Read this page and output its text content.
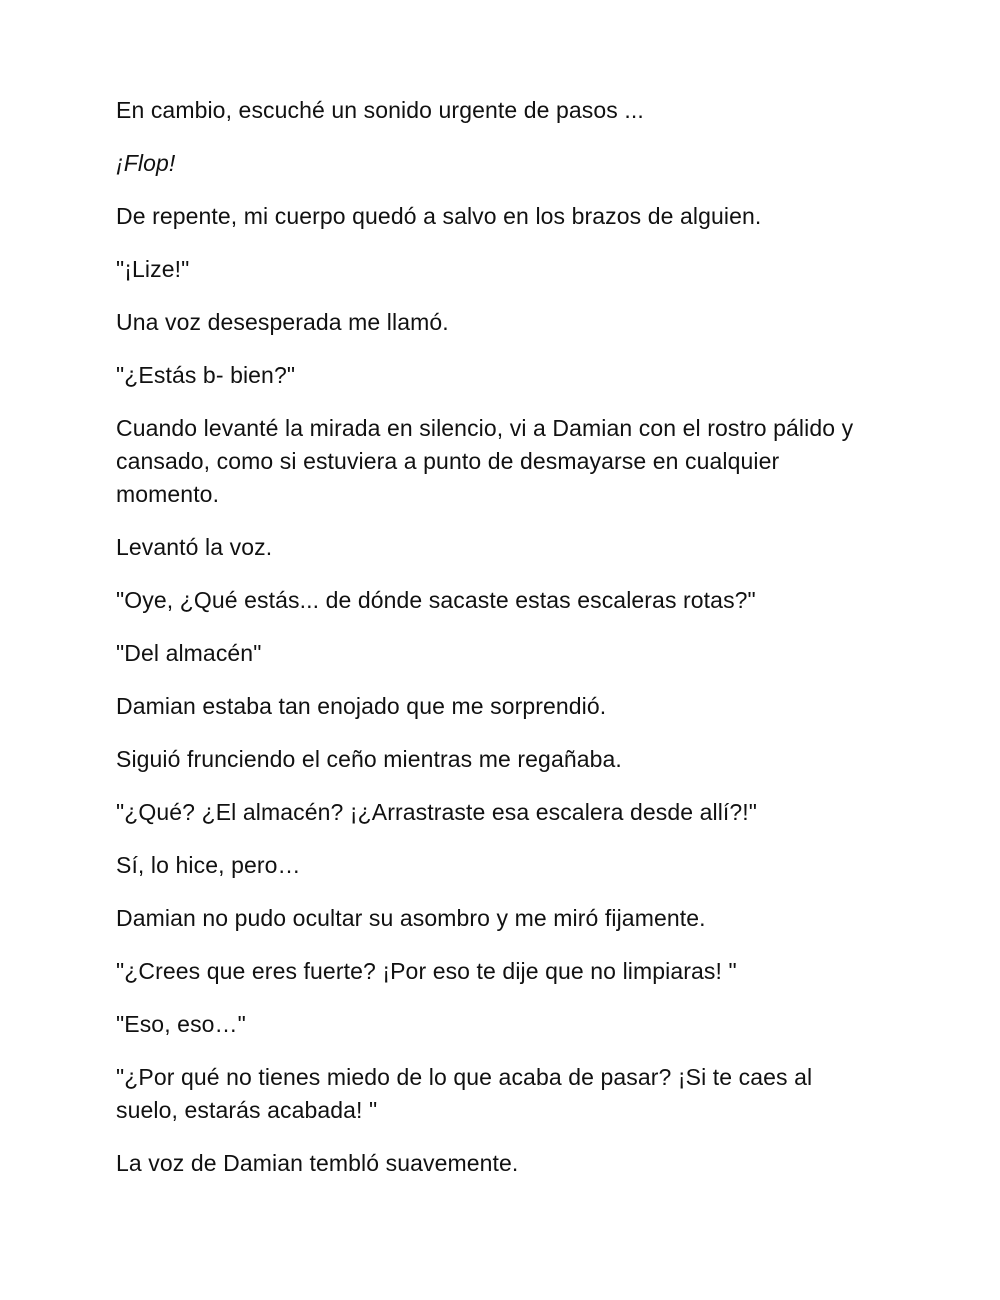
En cambio, escuché un sonido urgente de pasos ...

¡Flop!

De repente, mi cuerpo quedó a salvo en los brazos de alguien.

"¡Lize!"

Una voz desesperada me llamó.

"¿Estás b- bien?"

Cuando levanté la mirada en silencio, vi a Damian con el rostro pálido y cansado, como si estuviera a punto de desmayarse en cualquier momento.

Levantó la voz.

"Oye, ¿Qué estás... de dónde sacaste estas escaleras rotas?"

"Del almacén"

Damian estaba tan enojado que me sorprendió.

Siguió frunciendo el ceño mientras me regañaba.

"¿Qué? ¿El almacén? ¡¿Arrastraste esa escalera desde allí?!"

Sí, lo hice, pero…

Damian no pudo ocultar su asombro y me miró fijamente.

"¿Crees que eres fuerte? ¡Por eso te dije que no limpiaras! "

"Eso, eso…"

"¿Por qué no tienes miedo de lo que acaba de pasar? ¡Si te caes al suelo, estarás acabada! "

La voz de Damian tembló suavemente.
